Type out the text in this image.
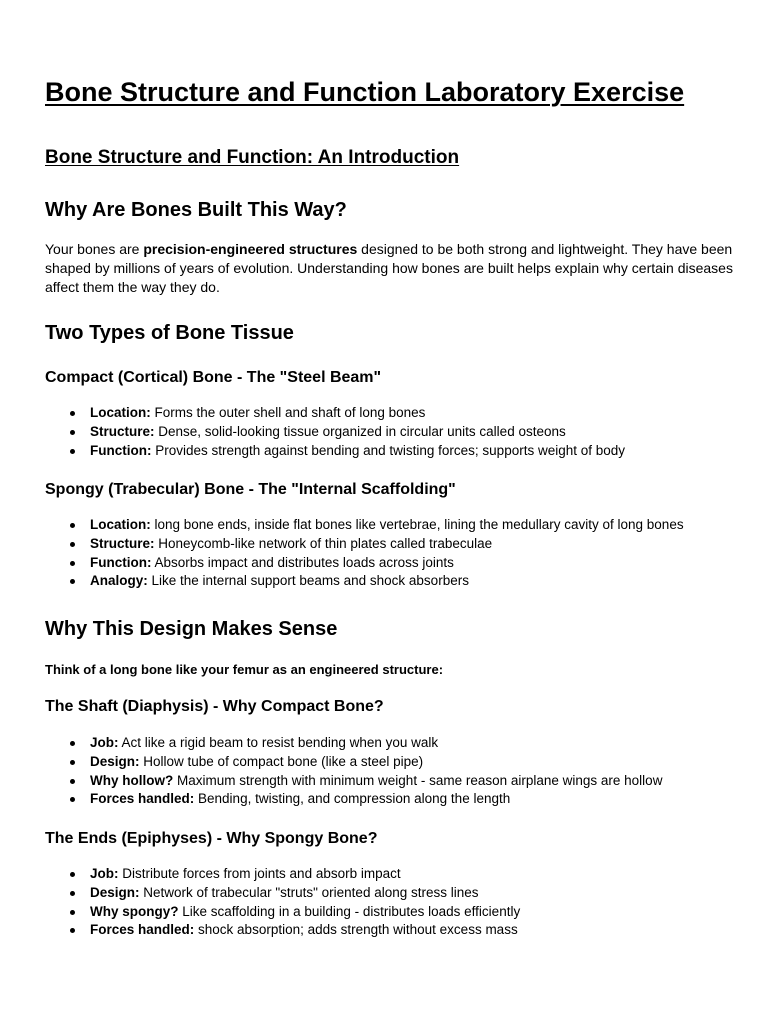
Bone Structure and Function Laboratory Exercise
Bone Structure and Function: An Introduction
Why Are Bones Built This Way?

Your bones are precision-engineered structures designed to be both strong and lightweight. They have been shaped by millions of years of evolution. Understanding how bones are built helps explain why certain diseases affect them the way they do.

Two Types of Bone Tissue
Compact (Cortical) Bone - The "Steel Beam"
Location: Forms the outer shell and shaft of long bones
Structure: Dense, solid-looking tissue organized in circular units called osteons
Function: Provides strength against bending and twisting forces; supports weight of body
Spongy (Trabecular) Bone - The "Internal Scaffolding"
Location: long bone ends, inside flat bones like vertebrae, lining the medullary cavity of long bones
Structure: Honeycomb-like network of thin plates called trabeculae
Function: Absorbs impact and distributes loads across joints
Analogy: Like the internal support beams and shock absorbers
Why This Design Makes Sense

Think of a long bone like your femur as an engineered structure:

The Shaft (Diaphysis) - Why Compact Bone?
Job: Act like a rigid beam to resist bending when you walk
Design: Hollow tube of compact bone (like a steel pipe)
Why hollow? Maximum strength with minimum weight - same reason airplane wings are hollow
Forces handled: Bending, twisting, and compression along the length
The Ends (Epiphyses) - Why Spongy Bone?
Job: Distribute forces from joints and absorb impact
Design: Network of trabecular "struts" oriented along stress lines
Why spongy? Like scaffolding in a building - distributes loads efficiently
Forces handled: shock absorption; adds strength without excess mass
